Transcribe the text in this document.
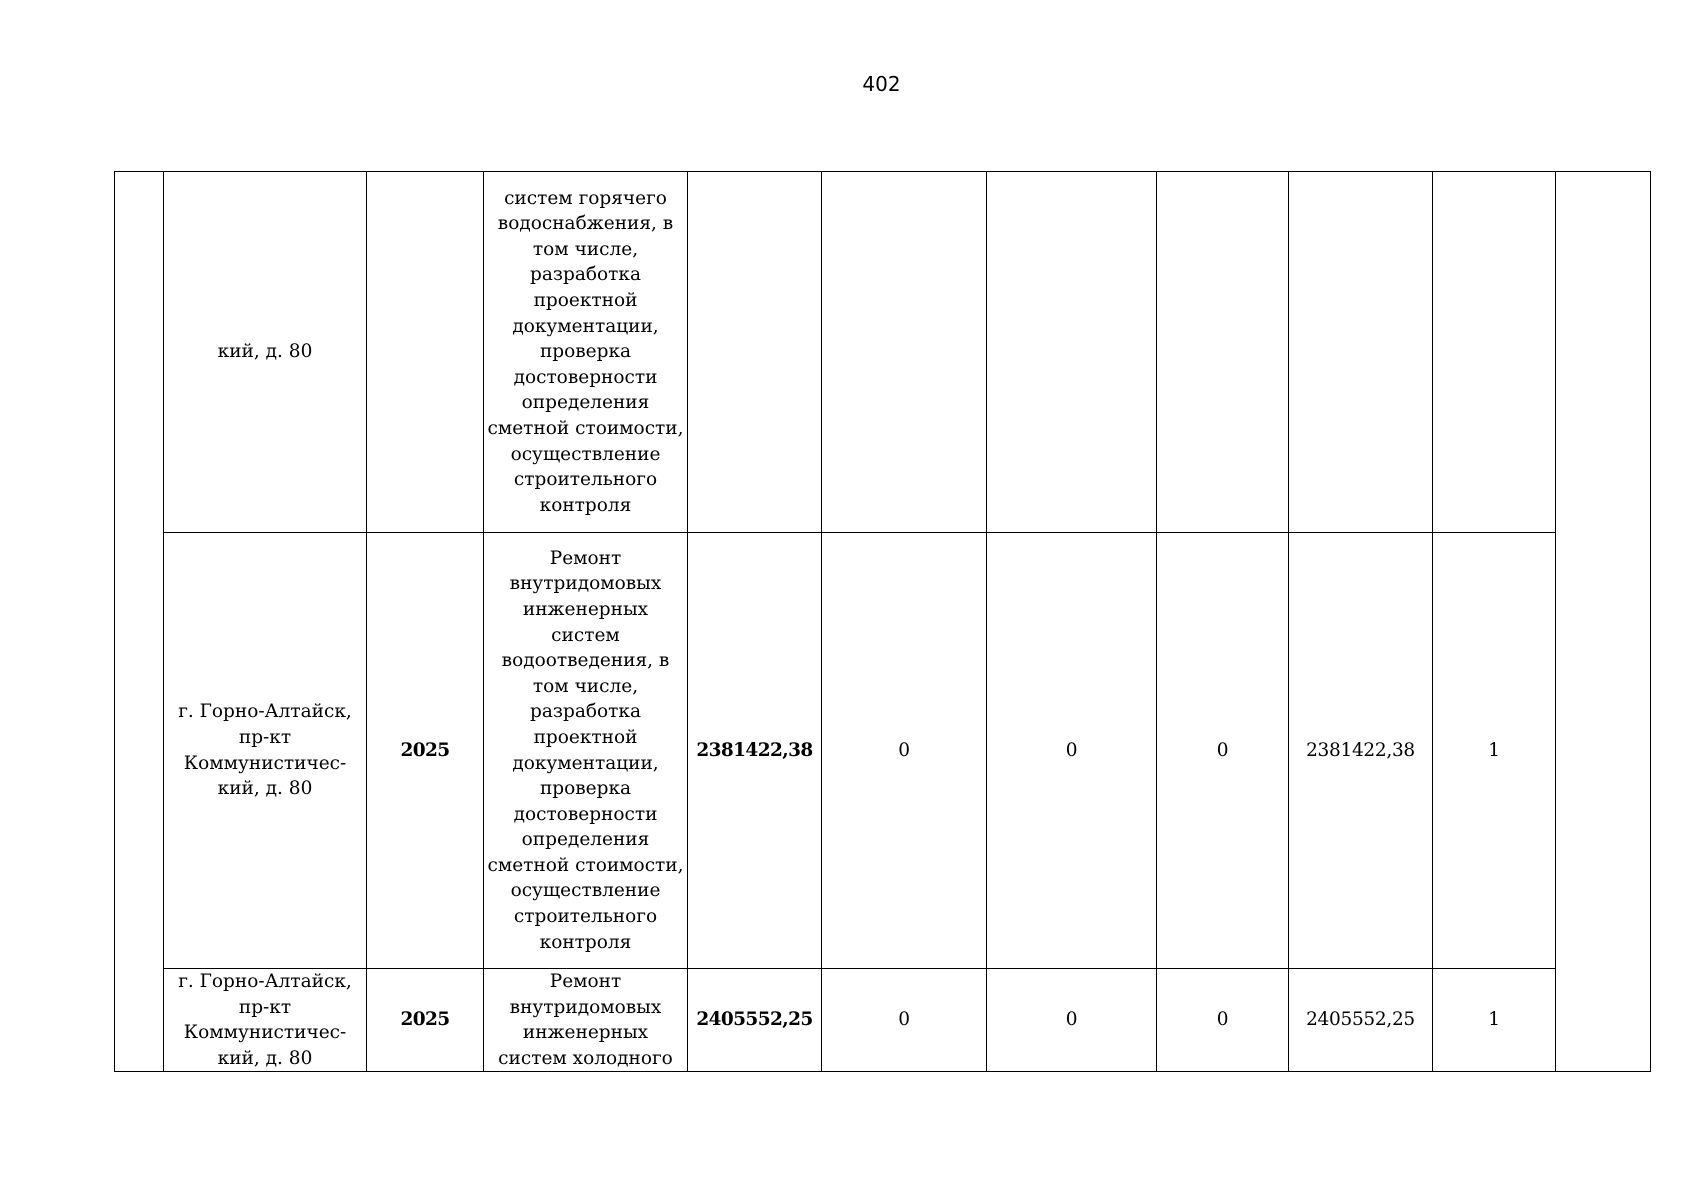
402

	кий, д. 80		систем горячего водоснабжения, в том числе, разработка проектной документации, проверка достоверности определения сметной стоимости, осуществление строительного контроля							

	г. Горно-Алтайск, пр-кт Коммунистичес-кий, д. 80	2025	Ремонт внутридомовых инженерных систем водоотведения, в том числе, разработка проектной документации, проверка достоверности определения сметной стоимости, осуществление строительного контроля	2381422,38	0	0	0	2381422,38	1	

	г. Горно-Алтайск, пр-кт Коммунистичес-кий, д. 80	2025	Ремонт внутридомовых инженерных систем холодного	2405552,25	0	0	0	2405552,25	1	
